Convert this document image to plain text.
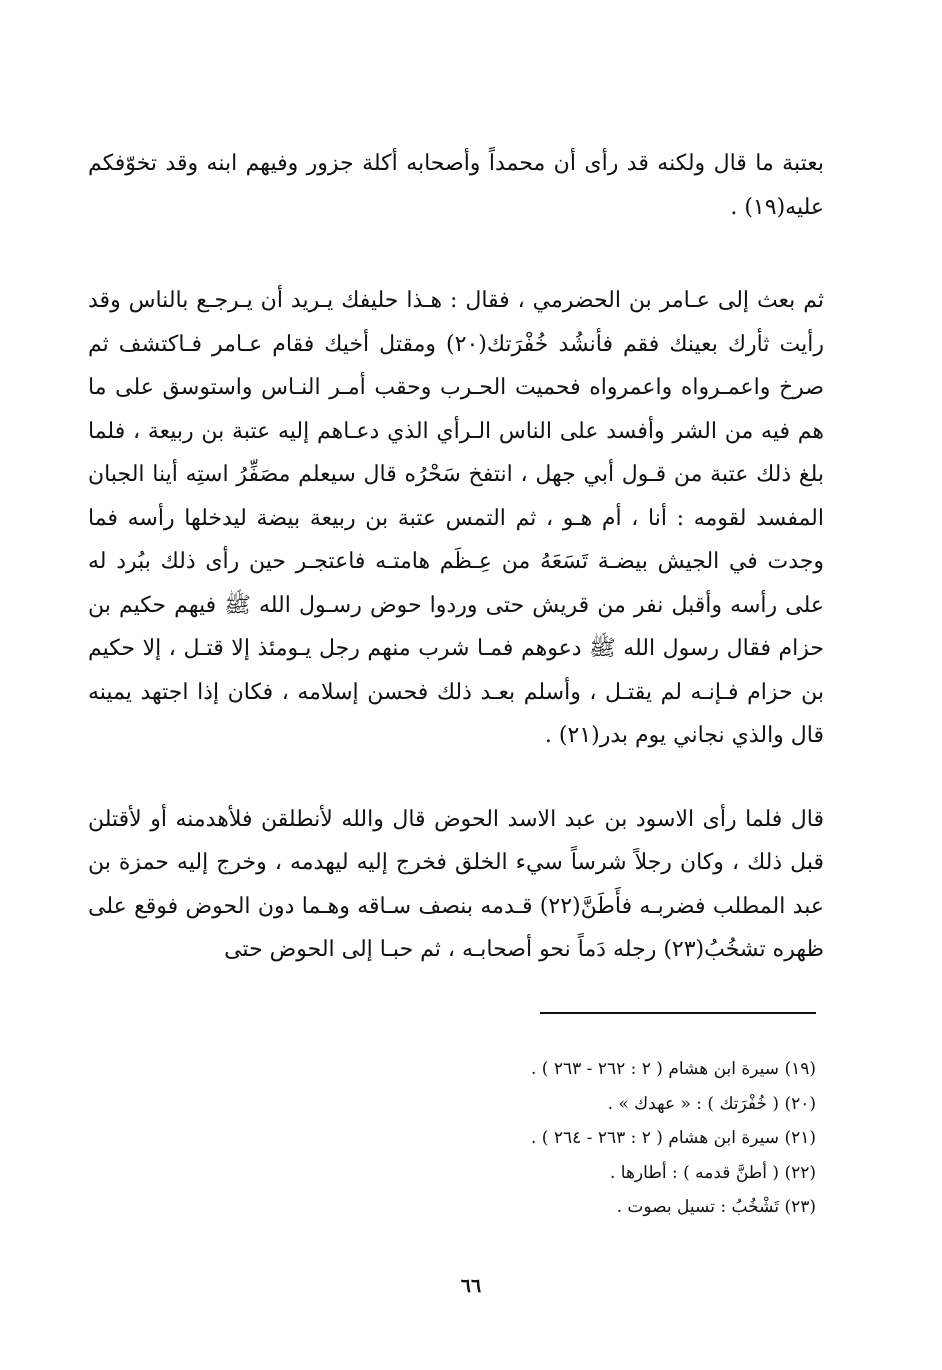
بعتبة ما قال ولكنه قد رأى أن محمداً وأصحابه أكلة جزور وفيهم ابنه وقد تخوّفكم عليه(١٩) .

ثم بعث إلى عـامر بن الحضرمي ، فقال : هـذا حليفك يـريد أن يـرجـع بالناس وقد رأيت ثأرك بعينك فقم فأنشُد خُفْرَتك(٢٠) ومقتل أخيك فقام عـامر فـاكتشف ثم صرخ واعمـرواه واعمرواه فحميت الحـرب وحقب أمـر النـاس واستوسق على ما هم فيه من الشر وأفسد على الناس الـرأي الذي دعـاهم إليه عتبة بن ربيعة ، فلما بلغ ذلك عتبة من قـول أبي جهل ، انتفخ سَحْرُه قال سيعلم مصَفِّرُ استِه أينا الجبان المفسد لقومه : أنا ، أم هـو ، ثم التمس عتبة بن ربيعة بيضة ليدخلها رأسه فما وجدت في الجيش بيضـة تَسَعَهُ من عِـظَم هامتـه فاعتجـر حين رأى ذلك ببُرد له على رأسه وأقبل نفر من قريش حتى وردوا حوض رسـول الله ﷺ فيهم حكيم بن حزام فقال رسول الله ﷺ دعوهم فمـا شرب منهم رجل يـومئذ إلا قتـل ، إلا حكيم بن حزام فـإنـه لم يقتـل ، وأسلم بعـد ذلك فحسن إسلامه ، فكان إذا اجتهد يمينه قال والذي نجاني يوم بدر(٢١) .

قال فلما رأى الاسود بن عبد الاسد الحوض قال والله لأنطلقن فلأهدمنه أو لأقتلن قبل ذلك ، وكان رجلاً شرساً سيء الخلق فخرج إليه ليهدمه ، وخرج إليه حمزة بن عبد المطلب فضربـه فأَطَنَّ(٢٢) قـدمه بنصف سـاقه وهـما دون الحوض فوقع على ظهره تشخُبُ(٢٣) رجله دَماً نحو أصحابـه ، ثم حبـا إلى الحوض حتى

(١٩) سيرة ابن هشام ( ٢ : ٢٦٢ - ٢٦٣ ) .
(٢٠) ( خُفْرَتك ) : « عهدك » .
(٢١) سيرة ابن هشام ( ٢ : ٢٦٣ - ٢٦٤ ) .
(٢٢) ( أطنَّ قدمه ) : أطارها .
(٢٣) تَشْخُبُ : تسيل بصوت .
٦٦
